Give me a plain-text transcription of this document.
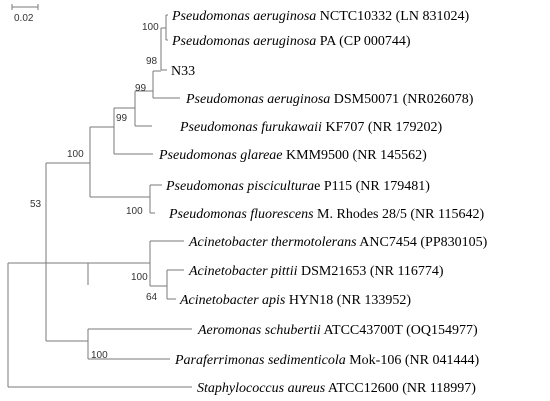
0.02
100
98
99
99
100
100
53
100
64
100
Pseudomonas aeruginosa NCTC10332 (LN 831024)
Pseudomonas aeruginosa PA (CP 000744)
N33
Pseudomonas aeruginosa DSM50071 (NR026078)
Pseudomonas furukawaii KF707 (NR 179202)
Pseudomonas glareae KMM9500 (NR 145562)
Pseudomonas pisciculturae P115 (NR 179481)
Pseudomonas fluorescens M. Rhodes 28/5 (NR 115642)
Acinetobacter thermotolerans ANC7454 (PP830105)
Acinetobacter pittii DSM21653 (NR 116774)
Acinetobacter apis HYN18 (NR 133952)
Aeromonas schubertii ATCC43700T (OQ154977)
Paraferrimonas sedimenticola Mok-106 (NR 041444)
Staphylococcus aureus ATCC12600 (NR 118997)
